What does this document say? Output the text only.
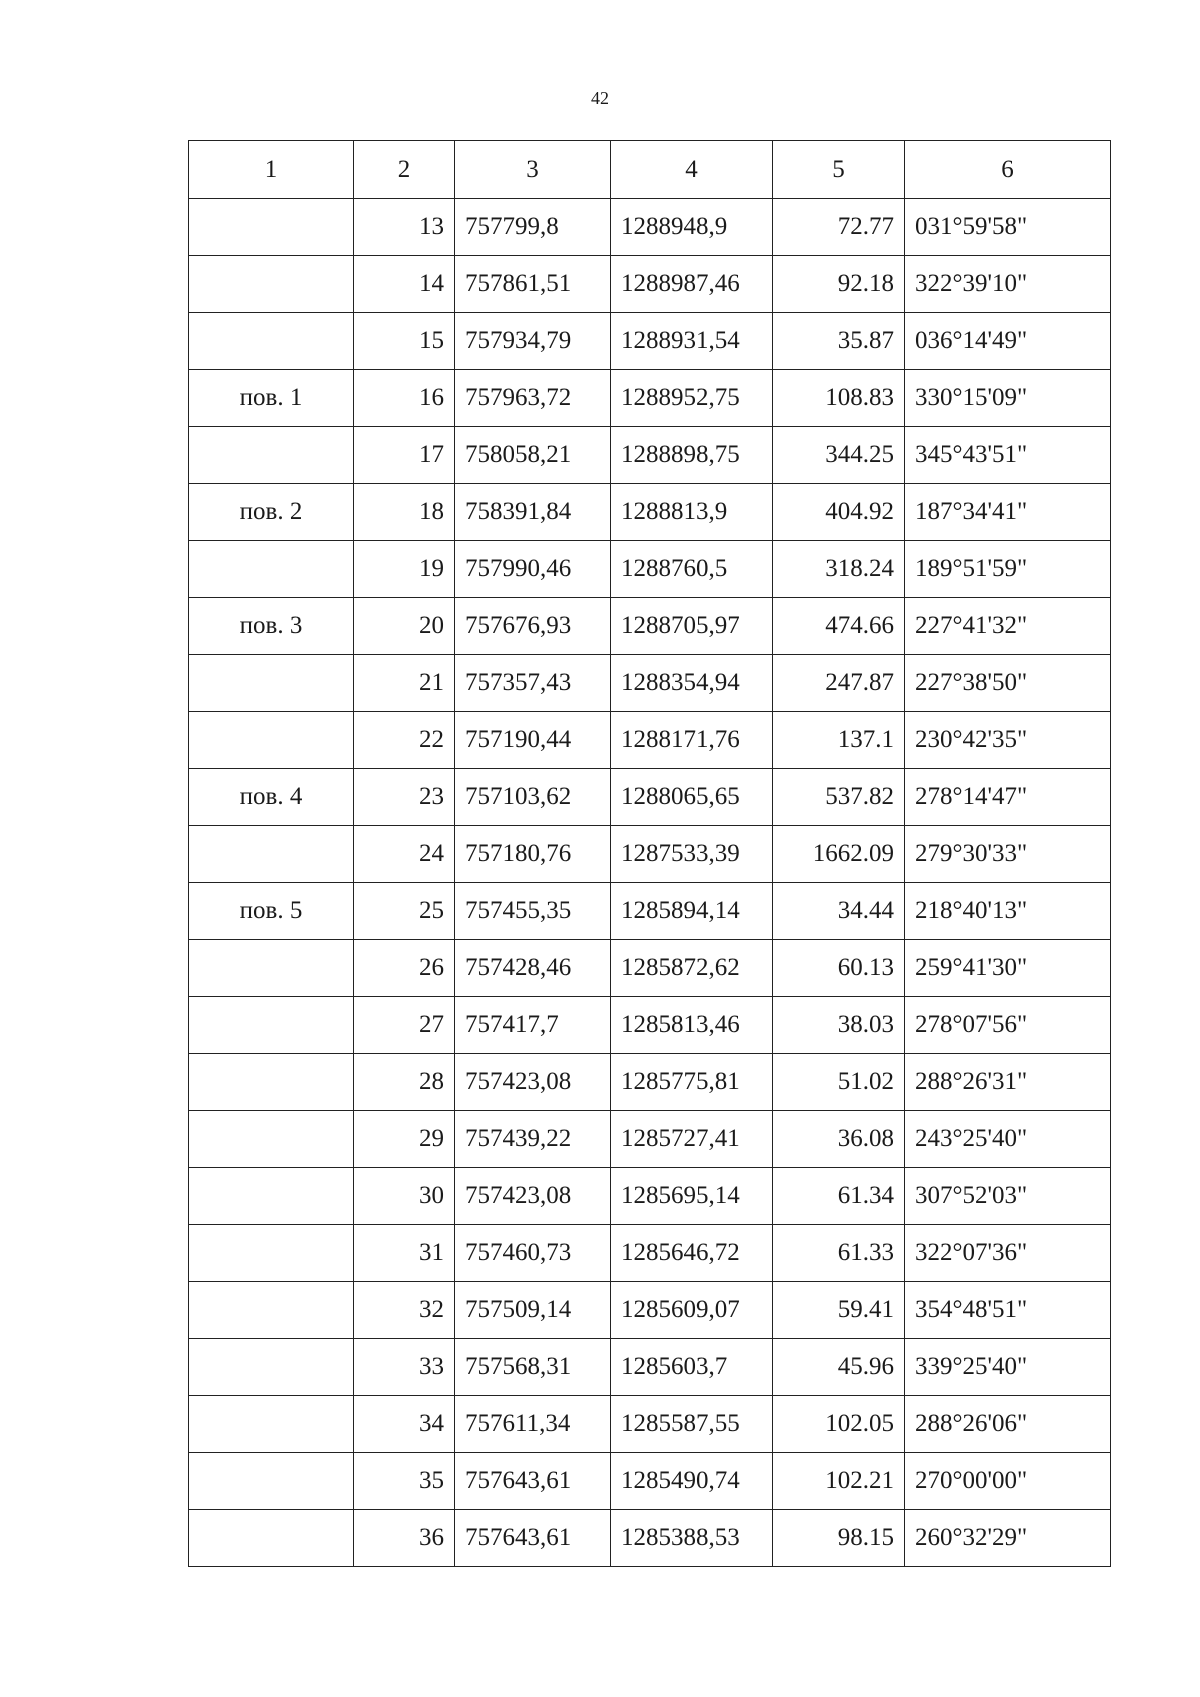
42
1	2	3	4	5	6
	13	757799,8	1288948,9	72.77	031°59'58"
	14	757861,51	1288987,46	92.18	322°39'10"
	15	757934,79	1288931,54	35.87	036°14'49"
пов. 1	16	757963,72	1288952,75	108.83	330°15'09"
	17	758058,21	1288898,75	344.25	345°43'51"
пов. 2	18	758391,84	1288813,9	404.92	187°34'41"
	19	757990,46	1288760,5	318.24	189°51'59"
пов. 3	20	757676,93	1288705,97	474.66	227°41'32"
	21	757357,43	1288354,94	247.87	227°38'50"
	22	757190,44	1288171,76	137.1	230°42'35"
пов. 4	23	757103,62	1288065,65	537.82	278°14'47"
	24	757180,76	1287533,39	1662.09	279°30'33"
пов. 5	25	757455,35	1285894,14	34.44	218°40'13"
	26	757428,46	1285872,62	60.13	259°41'30"
	27	757417,7	1285813,46	38.03	278°07'56"
	28	757423,08	1285775,81	51.02	288°26'31"
	29	757439,22	1285727,41	36.08	243°25'40"
	30	757423,08	1285695,14	61.34	307°52'03"
	31	757460,73	1285646,72	61.33	322°07'36"
	32	757509,14	1285609,07	59.41	354°48'51"
	33	757568,31	1285603,7	45.96	339°25'40"
	34	757611,34	1285587,55	102.05	288°26'06"
	35	757643,61	1285490,74	102.21	270°00'00"
	36	757643,61	1285388,53	98.15	260°32'29"
